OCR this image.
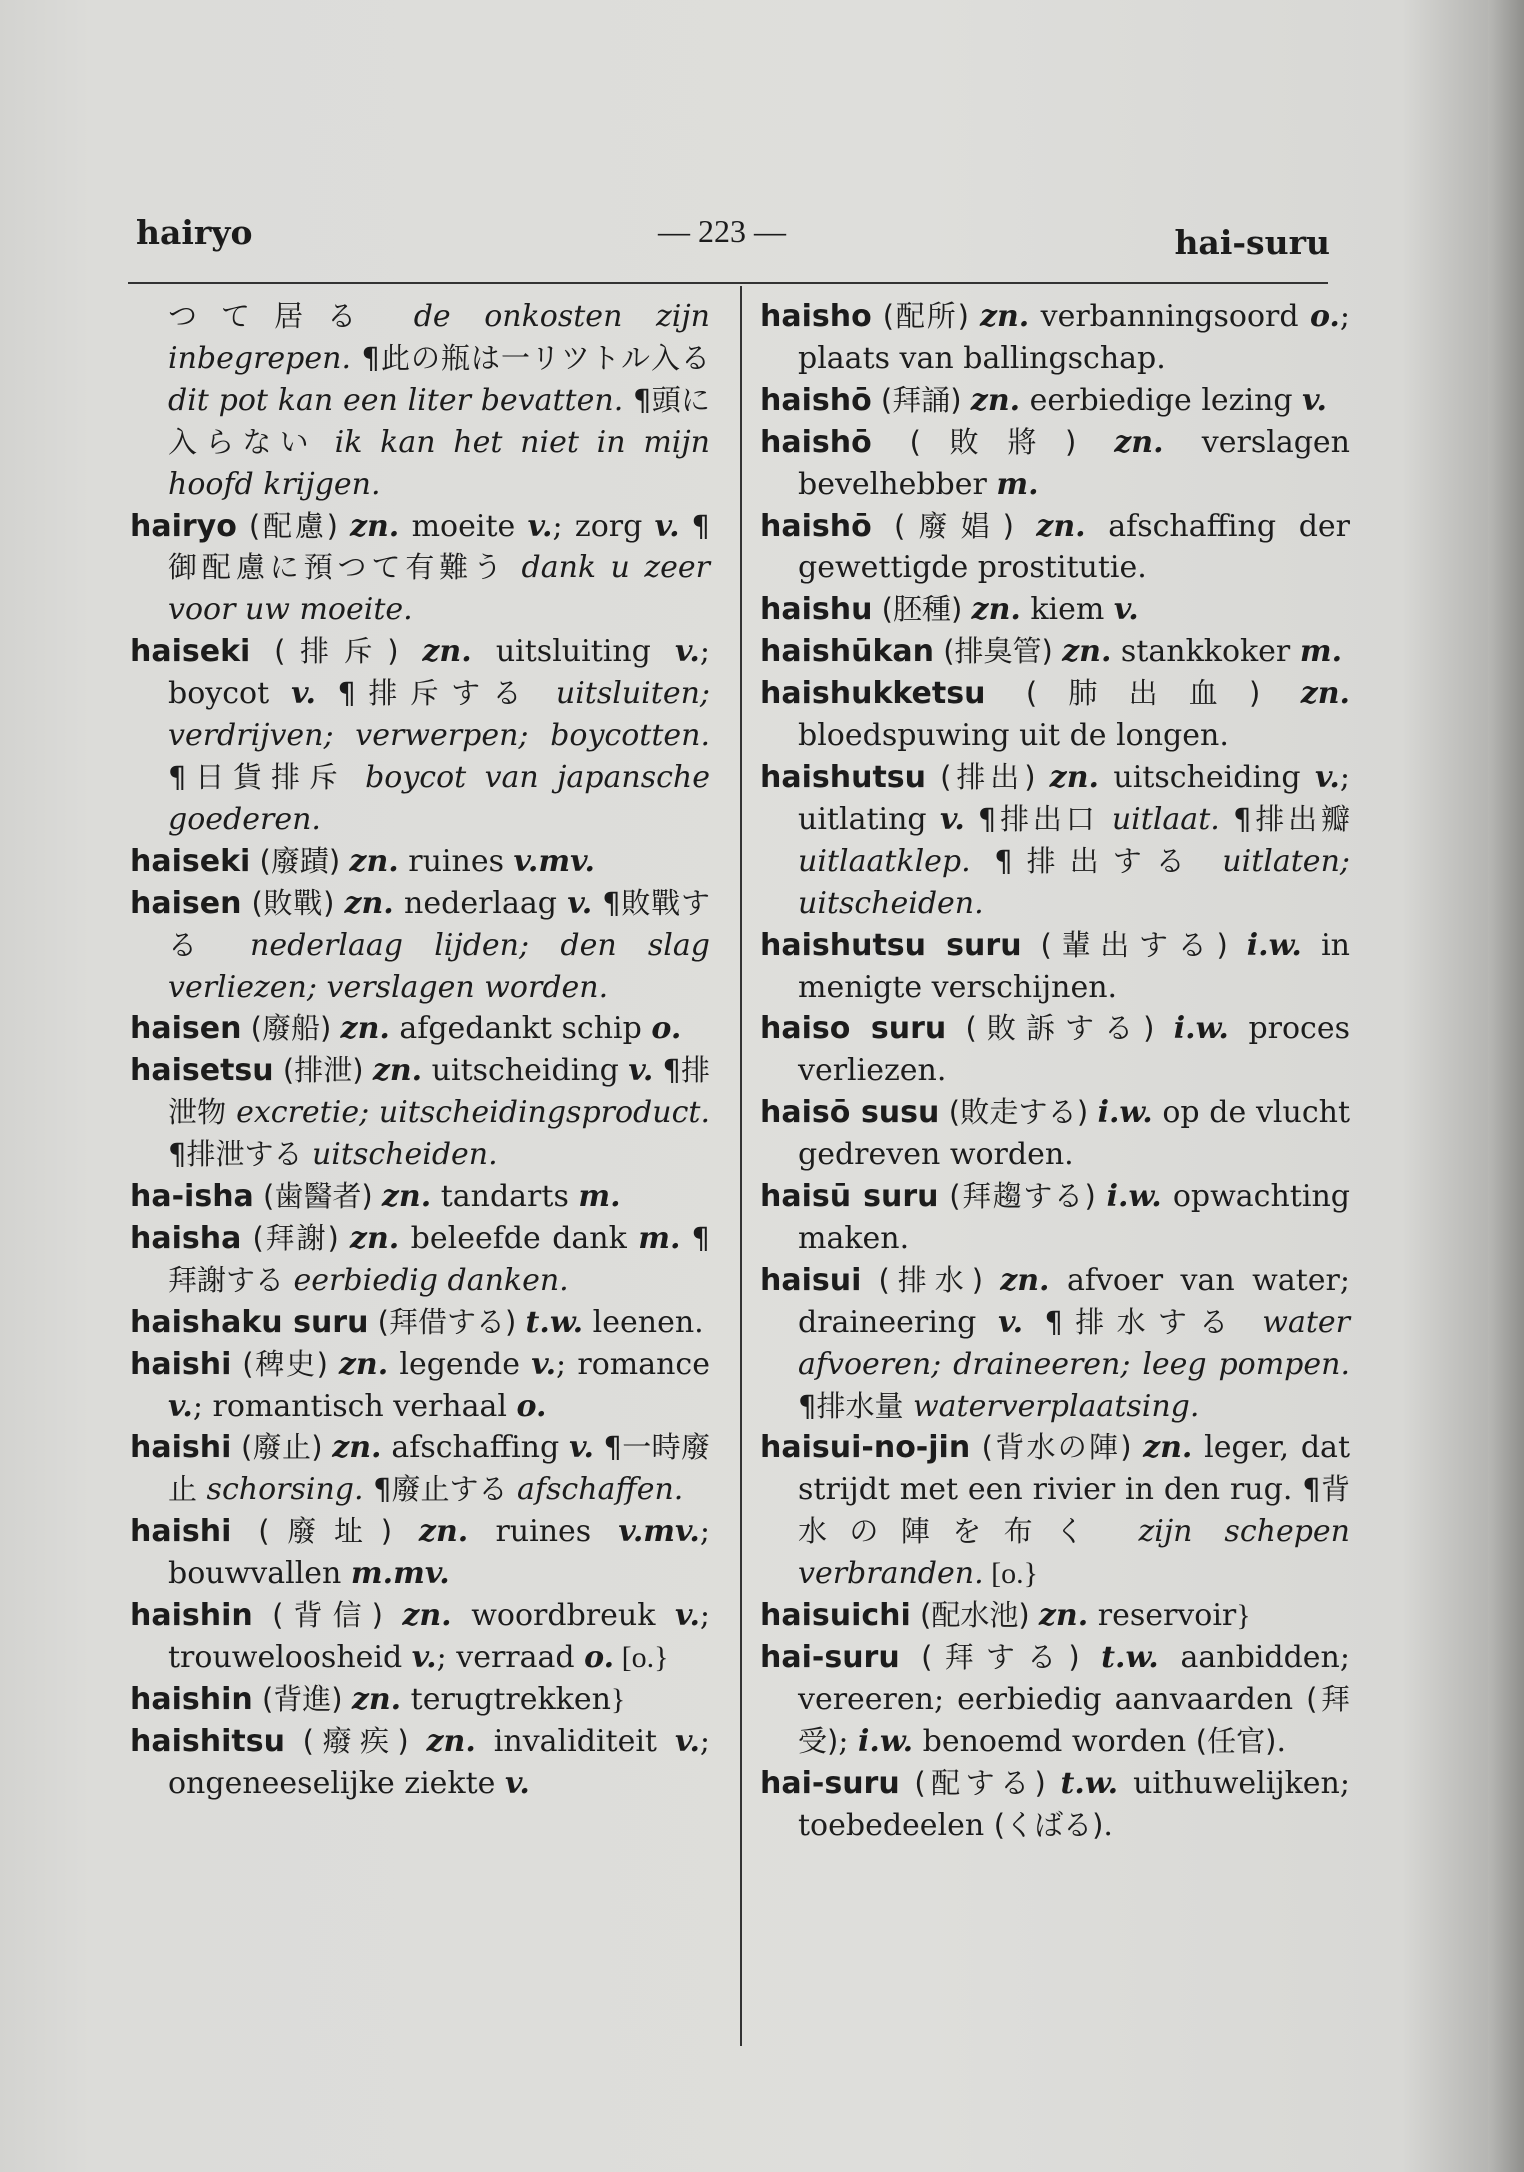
hairyo	— 223 —	hai-suru

つて居る de onkosten zijn inbegrepen. ¶此の瓶は一リツトル入る dit pot kan een liter bevatten. ¶頭に入らない ik kan het niet in mijn hoofd krijgen.

hairyo (配慮) zn. moeite v.; zorg v. ¶御配慮に預つて有難う dank u zeer voor uw moeite.

haiseki (排斥) zn. uitsluiting v.; boycot v. ¶排斥する uitsluiten; verdrijven; verwerpen; boycotten. ¶日貨排斥 boycot van japansche goederen.

haiseki (廢蹟) zn. ruines v.mv.

haisen (敗戰) zn. nederlaag v. ¶敗戰する nederlaag lijden; den slag verliezen; verslagen worden.

haisen (廢船) zn. afgedankt schip o.

haisetsu (排泄) zn. uitscheiding v. ¶排泄物 excretie; uitscheidingsproduct. ¶排泄する uitscheiden.

ha-isha (歯醫者) zn. tandarts m.

haisha (拜謝) zn. beleefde dank m. ¶拜謝する eerbiedig danken.

haishaku suru (拜借する) t.w. leenen.

haishi (稗史) zn. legende v.; romance v.; romantisch verhaal o.

haishi (廢止) zn. afschaffing v. ¶一時廢止 schorsing. ¶廢止する afschaffen.

haishi (廢址) zn. ruines v.mv.; bouwvallen m.mv.

haishin (背信) zn. woordbreuk v.; trouweloosheid v.; verraad o. [o.}

haishin (背進) zn. terugtrekken}

haishitsu (癈疾) zn. invaliditeit v.; ongeneeselijke ziekte v.

haisho (配所) zn. verbanningsoord o.; plaats van ballingschap.

haishō (拜誦) zn. eerbiedige lezing v.

haishō (敗將) zn. verslagen bevelhebber m.

haishō (廢娼) zn. afschaffing der gewettigde prostitutie.

haishu (胚種) zn. kiem v.

haishūkan (排臭管) zn. stankkoker m.

haishukketsu (肺出血) zn. bloedspuwing uit de longen.

haishutsu (排出) zn. uitscheiding v.; uitlating v. ¶排出口 uitlaat. ¶排出瓣 uitlaatklep. ¶排出する uitlaten; uitscheiden.

haishutsu suru (輩出する) i.w. in menigte verschijnen.

haiso suru (敗訴する) i.w. proces verliezen.

haisō susu (敗走する) i.w. op de vlucht gedreven worden.

haisū suru (拜趨する) i.w. opwachting maken.

haisui (排水) zn. afvoer van water; draineering v. ¶排水する water afvoeren; draineeren; leeg pompen. ¶排水量 waterverplaatsing.

haisui-no-jin (背水の陣) zn. leger, dat strijdt met een rivier in den rug. ¶背水の陣を布く zijn schepen verbranden. [o.}

haisuichi (配水池) zn. reservoir}

hai-suru (拜する) t.w. aanbidden; vereeren; eerbiedig aanvaarden (拜受); i.w. benoemd worden (任官).

hai-suru (配する) t.w. uithuwelijken; toebedeelen (くばる).
